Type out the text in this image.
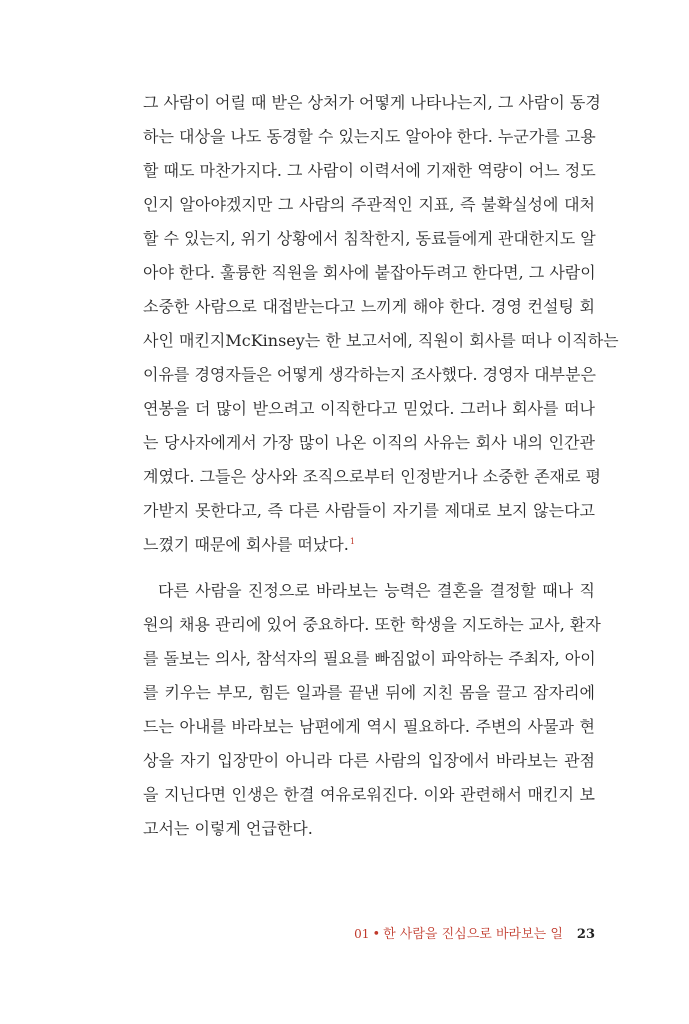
그 사람이 어릴 때 받은 상처가 어떻게 나타나는지, 그 사람이 동경
하는 대상을 나도 동경할 수 있는지도 알아야 한다. 누군가를 고용
할 때도 마찬가지다. 그 사람이 이력서에 기재한 역량이 어느 정도
인지 알아야겠지만 그 사람의 주관적인 지표, 즉 불확실성에 대처
할 수 있는지, 위기 상황에서 침착한지, 동료들에게 관대한지도 알
아야 한다. 훌륭한 직원을 회사에 붙잡아두려고 한다면, 그 사람이
소중한 사람으로 대접받는다고 느끼게 해야 한다. 경영 컨설팅 회
사인 매킨지McKinsey는 한 보고서에, 직원이 회사를 떠나 이직하는
이유를 경영자들은 어떻게 생각하는지 조사했다. 경영자 대부분은
연봉을 더 많이 받으려고 이직한다고 믿었다. 그러나 회사를 떠나
는 당사자에게서 가장 많이 나온 이직의 사유는 회사 내의 인간관
계였다. 그들은 상사와 조직으로부터 인정받거나 소중한 존재로 평
가받지 못한다고, 즉 다른 사람들이 자기를 제대로 보지 않는다고
느꼈기 때문에 회사를 떠났다.$^1$
다른 사람을 진정으로 바라보는 능력은 결혼을 결정할 때나 직
원의 채용 관리에 있어 중요하다. 또한 학생을 지도하는 교사, 환자
를 돌보는 의사, 참석자의 필요를 빠짐없이 파악하는 주최자, 아이
를 키우는 부모, 힘든 일과를 끝낸 뒤에 지친 몸을 끌고 잠자리에
드는 아내를 바라보는 남편에게 역시 필요하다. 주변의 사물과 현
상을 자기 입장만이 아니라 다른 사람의 입장에서 바라보는 관점
을 지닌다면 인생은 한결 여유로워진다. 이와 관련해서 매킨지 보
고서는 이렇게 언급한다.
01 • 한 사람을 진심으로 바라보는 일 23
